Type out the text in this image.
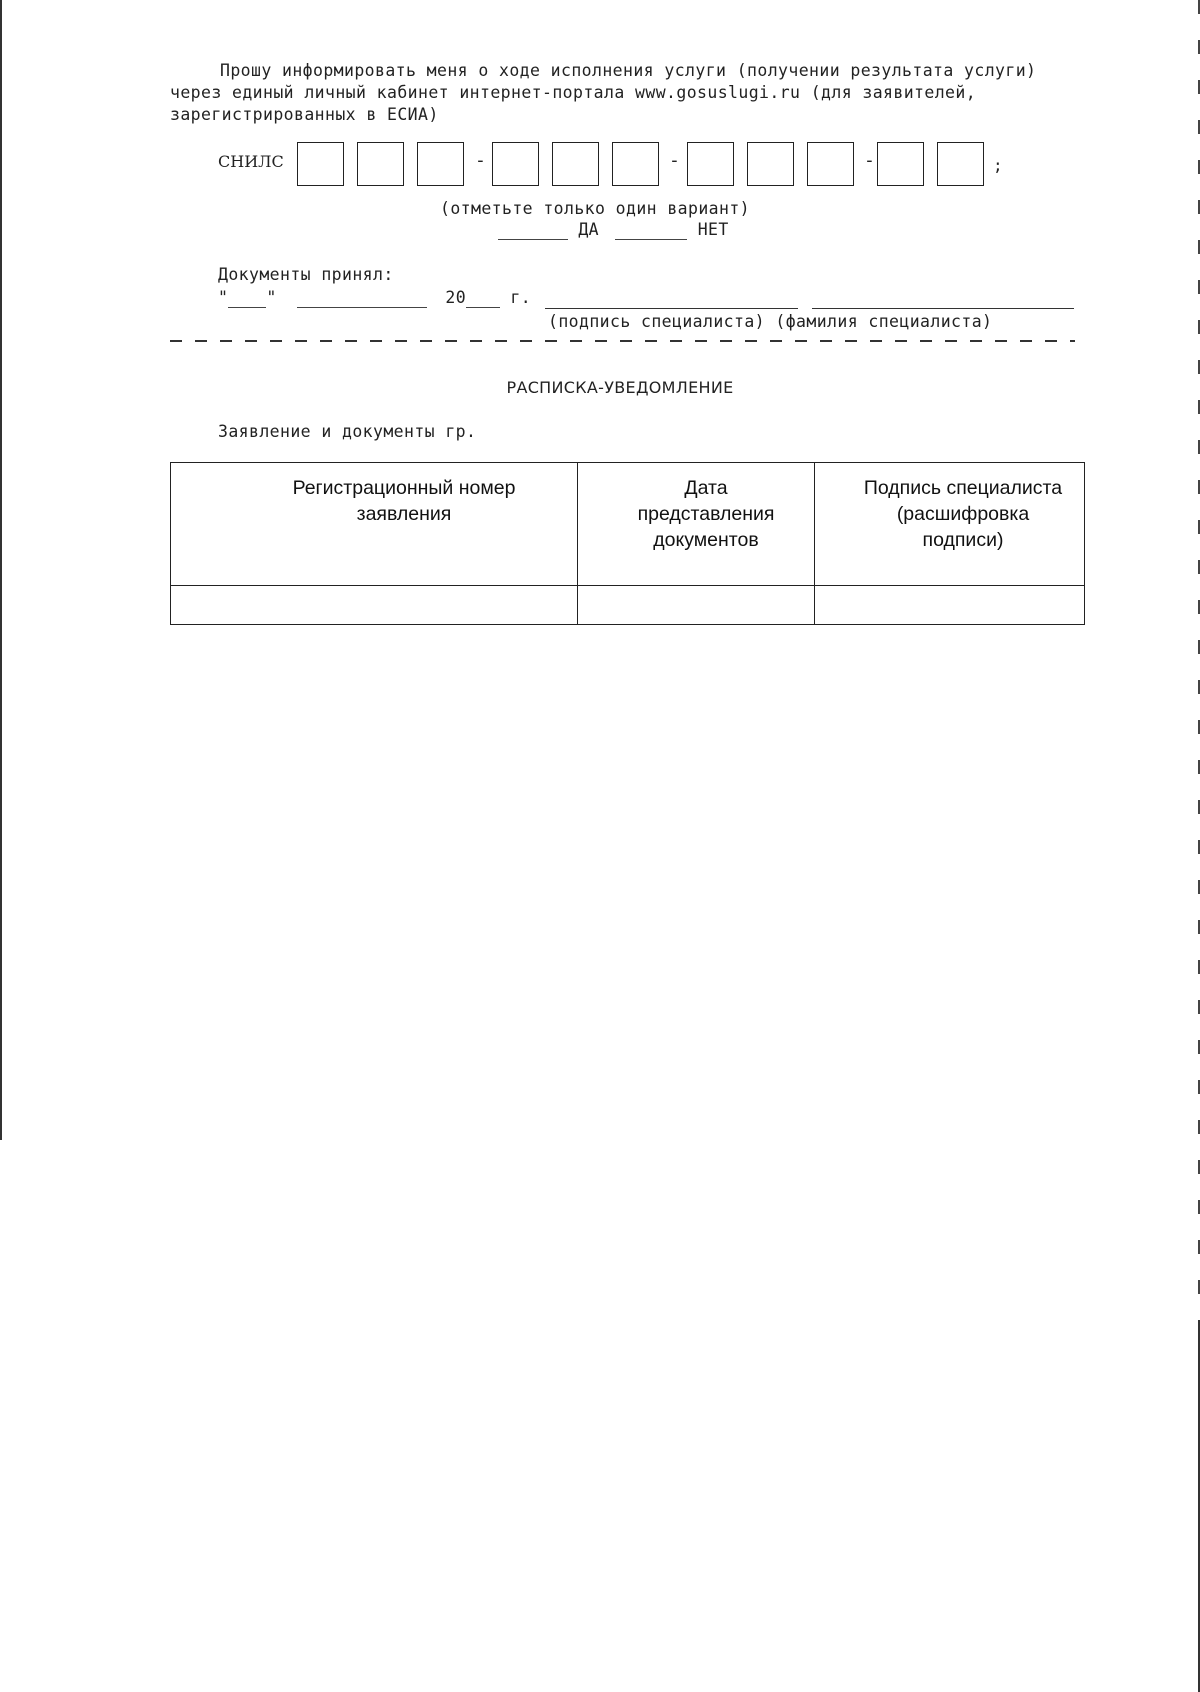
Прошу информировать меня о ходе исполнения услуги (получении результата услуги) через единый личный кабинет интернет-портала www.gosuslugi.ru (для заявителей, зарегистрированных в ЕСИА)
СНИЛС	-	-	-	;
(отметьте только один вариант)
ДА	НЕТ
Документы принял:
" "	20	г.
(подпись специалиста) (фамилия специалиста)
РАСПИСКА-УВЕДОМЛЕНИЕ
Заявление и документы гр.
Регистрационный номер заявления	Дата представления документов	Подпись специалиста (расшифровка подписи)
